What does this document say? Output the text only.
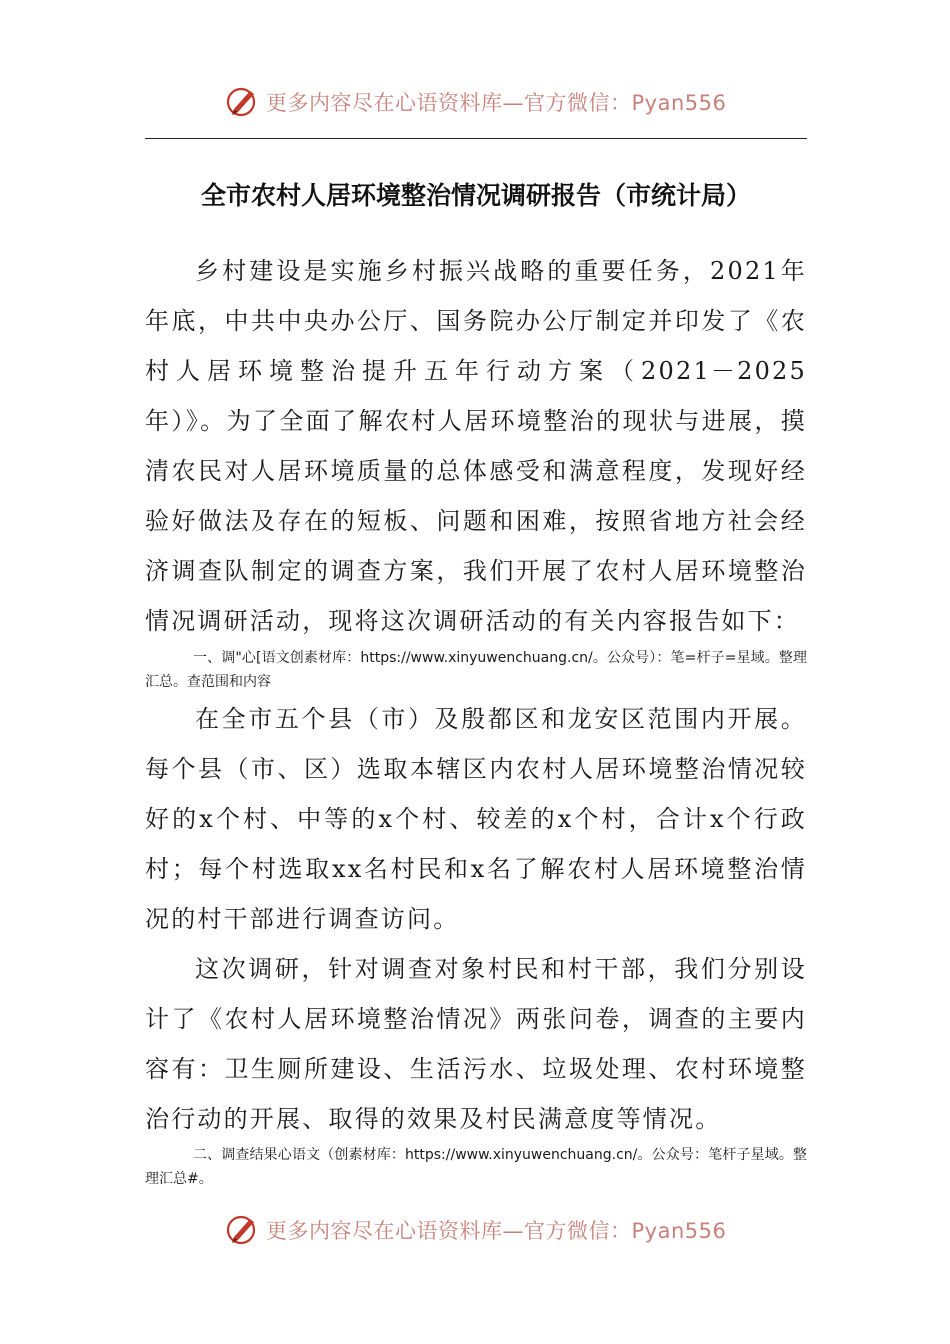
更多内容尽在心语资料库—官方微信：Pyan556
全市农村人居环境整治情况调研报告（市统计局）

乡村建设是实施乡村振兴战略的重要任务，2021年年底，中共中央办公厅、国务院办公厅制定并印发了《农村人居环境整治提升五年行动方案（2021－2025年）》。为了全面了解农村人居环境整治的现状与进展，摸清农民对人居环境质量的总体感受和满意程度，发现好经验好做法及存在的短板、问题和困难，按照省地方社会经济调查队制定的调查方案，我们开展了农村人居环境整治情况调研活动，现将这次调研活动的有关内容报告如下：

一、调"心[语文创素材库：https://www.xinyuwenchuang.cn/。公众号）：笔=杆子=星域。整理汇总。查范围和内容

在全市五个县（市）及殷都区和龙安区范围内开展。每个县（市、区）选取本辖区内农村人居环境整治情况较好的x个村、中等的x个村、较差的x个村，合计x个行政村；每个村选取xx名村民和x名了解农村人居环境整治情况的村干部进行调查访问。

这次调研，针对调查对象村民和村干部，我们分别设计了《农村人居环境整治情况》两张问卷，调查的主要内容有：卫生厕所建设、生活污水、垃圾处理、农村环境整治行动的开展、取得的效果及村民满意度等情况。

二、调查结果心语文（创素材库：https://www.xinyuwenchuang.cn/。公众号：笔杆子星域。整理汇总#。

更多内容尽在心语资料库—官方微信：Pyan556
